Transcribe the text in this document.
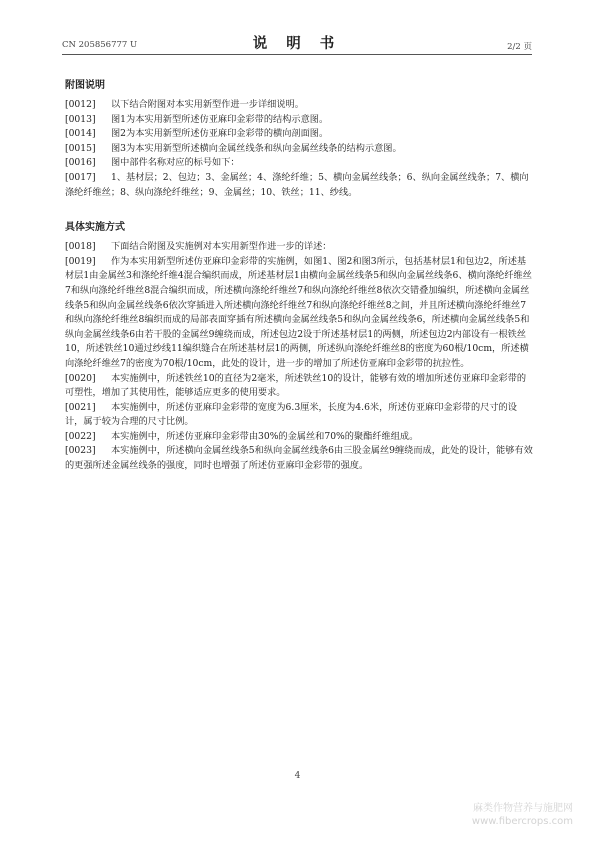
CN 205856777 U	说 明 书	2/2 页
附图说明
[0012] 以下结合附图对本实用新型作进一步详细说明。
[0013] 图1为本实用新型所述仿亚麻印金彩带的结构示意图。
[0014] 图2为本实用新型所述仿亚麻印金彩带的横向剖面图。
[0015] 图3为本实用新型所述横向金属丝线条和纵向金属丝线条的结构示意图。
[0016] 图中部件名称对应的标号如下：
[0017] 1、基材层；2、包边；3、金属丝；4、涤纶纤维；5、横向金属丝线条；6、纵向金属丝线条；7、横向涤纶纤维丝；8、纵向涤纶纤维丝；9、金属丝；10、铁丝；11、纱线。
具体实施方式
[0018] 下面结合附图及实施例对本实用新型作进一步的详述：
[0019] 作为本实用新型所述仿亚麻印金彩带的实施例，如图1、图2和图3所示，包括基材层1和包边2，所述基材层1由金属丝3和涤纶纤维4混合编织而成，所述基材层1由横向金属丝线条5和纵向金属丝线条6、横向涤纶纤维丝7和纵向涤纶纤维丝8混合编织而成，所述横向涤纶纤维丝7和纵向涤纶纤维丝8依次交错叠加编织，所述横向金属丝线条5和纵向金属丝线条6依次穿插进入所述横向涤纶纤维丝7和纵向涤纶纤维丝8之间，并且所述横向涤纶纤维丝7和纵向涤纶纤维丝8编织而成的局部表面穿插有所述横向金属丝线条5和纵向金属丝线条6，所述横向金属丝线条5和纵向金属丝线条6由若干股的金属丝9缠绕而成，所述包边2设于所述基材层1的两侧，所述包边2内部设有一根铁丝10，所述铁丝10通过纱线11编织缝合在所述基材层1的两侧，所述纵向涤纶纤维丝8的密度为60根/10cm，所述横向涤纶纤维丝7的密度为70根/10cm，此处的设计，进一步的增加了所述仿亚麻印金彩带的抗拉性。
[0020] 本实施例中，所述铁丝10的直径为2毫米，所述铁丝10的设计，能够有效的增加所述仿亚麻印金彩带的可塑性，增加了其使用性，能够适应更多的使用要求。
[0021] 本实施例中，所述仿亚麻印金彩带的宽度为6.3厘米，长度为4.6米，所述仿亚麻印金彩带的尺寸的设计，属于较为合理的尺寸比例。
[0022] 本实施例中，所述仿亚麻印金彩带由30%的金属丝和70%的聚酯纤维组成。
[0023] 本实施例中，所述横向金属丝线条5和纵向金属丝线条6由三股金属丝9缠绕而成，此处的设计，能够有效的更强所述金属丝线条的强度，同时也增强了所述仿亚麻印金彩带的强度。
4
麻类作物营养与施肥网
www.fibercrops.com
